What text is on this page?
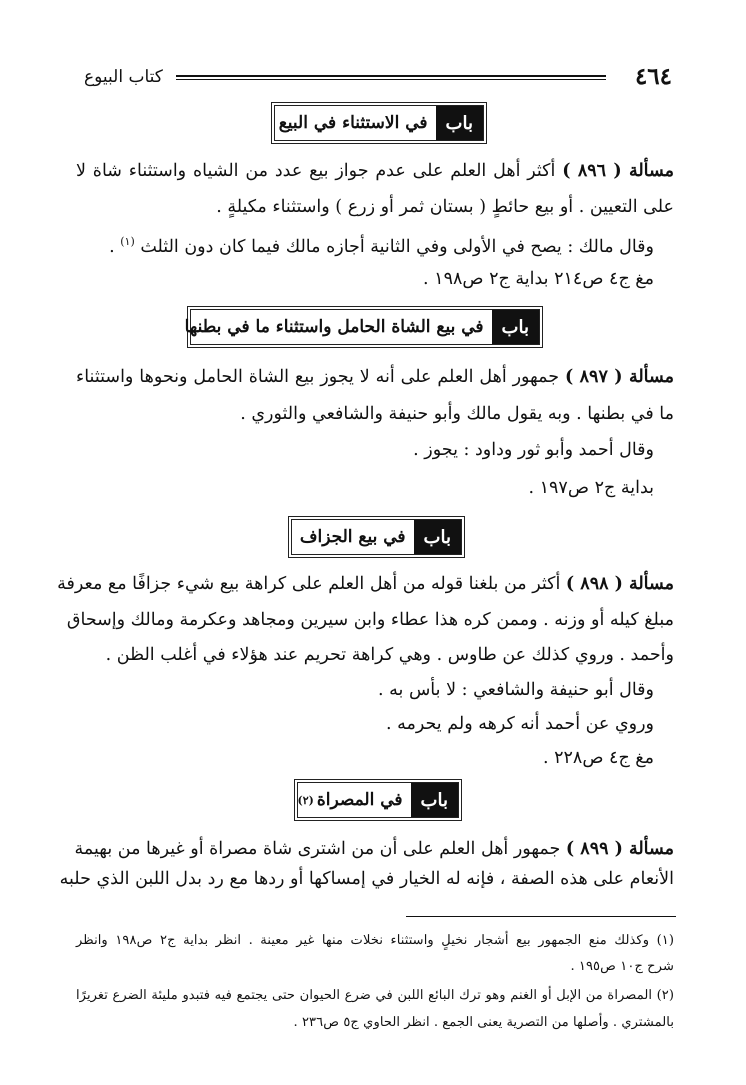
٤٦٤
كتاب البيوع
باب
في الاستثناء في البيع
مسألة ( ٨٩٦ ) أكثر أهل العلم على عدم جواز بيع عدد من الشياه واستثناء شاة لا
على التعيين . أو بيع حائطٍ ( بستان ثمر أو زرع ) واستثناء مكيلةٍ .
وقال مالك : يصح في الأولى وفي الثانية أجازه مالك فيما كان دون الثلث $^{(١)}$ .
مغ ج٤ ص٢١٤ بداية ج٢ ص١٩٨ .
باب
في بيع الشاة الحامل واستثناء ما في بطنها
مسألة ( ٨٩٧ ) جمهور أهل العلم على أنه لا يجوز بيع الشاة الحامل ونحوها واستثناء
ما في بطنها . وبه يقول مالك وأبو حنيفة والشافعي والثوري .
وقال أحمد وأبو ثور وداود : يجوز .
بداية ج٢ ص١٩٧ .
باب
في بيع الجزاف
مسألة ( ٨٩٨ ) أكثر من بلغنا قوله من أهل العلم على كراهة بيع شيء جزافًا مع معرفة
مبلغ كيله أو وزنه . وممن كره هذا عطاء وابن سيرين ومجاهد وعكرمة ومالك وإسحاق
وأحمد . وروي كذلك عن طاوس . وهي كراهة تحريم عند هؤلاء في أغلب الظن .
وقال أبو حنيفة والشافعي : لا بأس به .
وروي عن أحمد أنه كرهه ولم يحرمه .
مغ ج٤ ص٢٢٨ .
باب
في المصراة
(٢)
مسألة ( ٨٩٩ ) جمهور أهل العلم على أن من اشترى شاة مصراة أو غيرها من بهيمة
الأنعام على هذه الصفة ، فإنه له الخيار في إمساكها أو ردها مع رد بدل اللبن الذي حلبه
(١) وكذلك منع الجمهور بيع أشجار نخيلٍ واستثناء نخلات منها غير معينة . انظر بداية ج٢ ص١٩٨ وانظر
شرح ج١٠ ص١٩٥ .
(٢) المصراة من الإبل أو الغنم وهو ترك البائع اللبن في ضرع الحيوان حتى يجتمع فيه فتبدو مليئة الضرع تغريرًا
بالمشتري . وأصلها من التصرية يعنى الجمع . انظر الحاوي ج٥ ص٢٣٦ .
